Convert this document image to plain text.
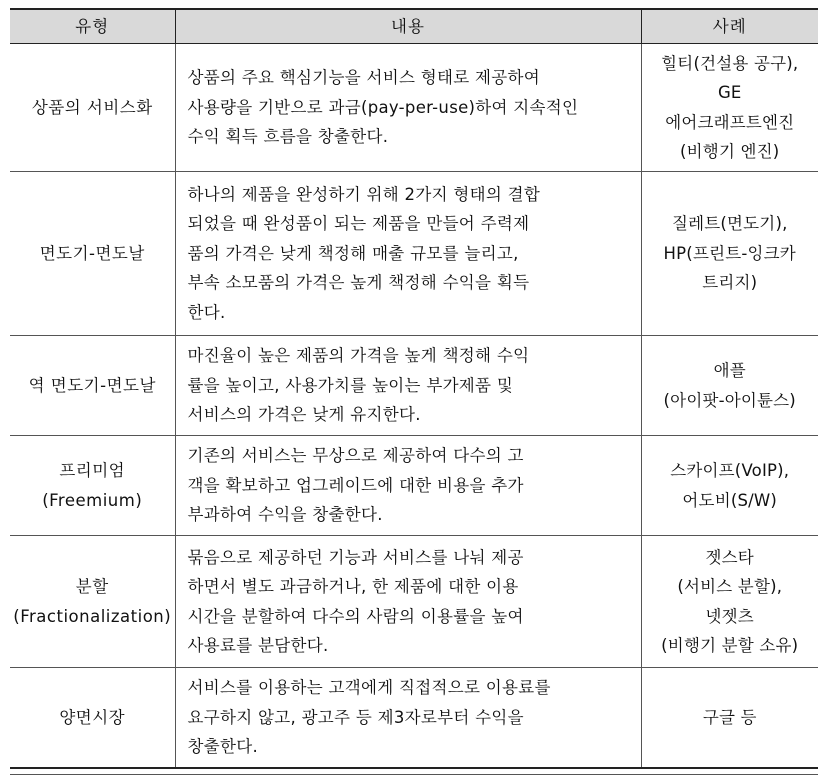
유형	내용	사례

상품의 서비스화	상품의 주요 핵심기능을 서비스 형태로 제공하여
사용량을 기반으로 과금(pay-per-use)하여 지속적인
수익 획득 흐름을 창출한다.	힐티(건설용 공구),
GE
에어크래프트엔진
(비행기 엔진)

면도기-면도날	하나의 제품을 완성하기 위해 2가지 형태의 결합
되었을 때 완성품이 되는 제품을 만들어 주력제
품의 가격은 낮게 책정해 매출 규모를 늘리고,
부속 소모품의 가격은 높게 책정해 수익을 획득
한다.	질레트(면도기),
HP(프린트-잉크카
트리지)

역 면도기-면도날	마진율이 높은 제품의 가격을 높게 책정해 수익
률을 높이고, 사용가치를 높이는 부가제품 및
서비스의 가격은 낮게 유지한다.	애플
(아이팟-아이튠스)

프리미엄
(Freemium)	기존의 서비스는 무상으로 제공하여 다수의 고
객을 확보하고 업그레이드에 대한 비용을 추가
부과하여 수익을 창출한다.	스카이프(VoIP),
어도비(S/W)

분할
(Fractionalization)	묶음으로 제공하던 기능과 서비스를 나눠 제공
하면서 별도 과금하거나, 한 제품에 대한 이용
시간을 분할하여 다수의 사람의 이용률을 높여
사용료를 분담한다.	젯스타
(서비스 분할),
넷젯츠
(비행기 분할 소유)

양면시장	서비스를 이용하는 고객에게 직접적으로 이용료를
요구하지 않고, 광고주 등 제3자로부터 수익을
창출한다.	구글 등
